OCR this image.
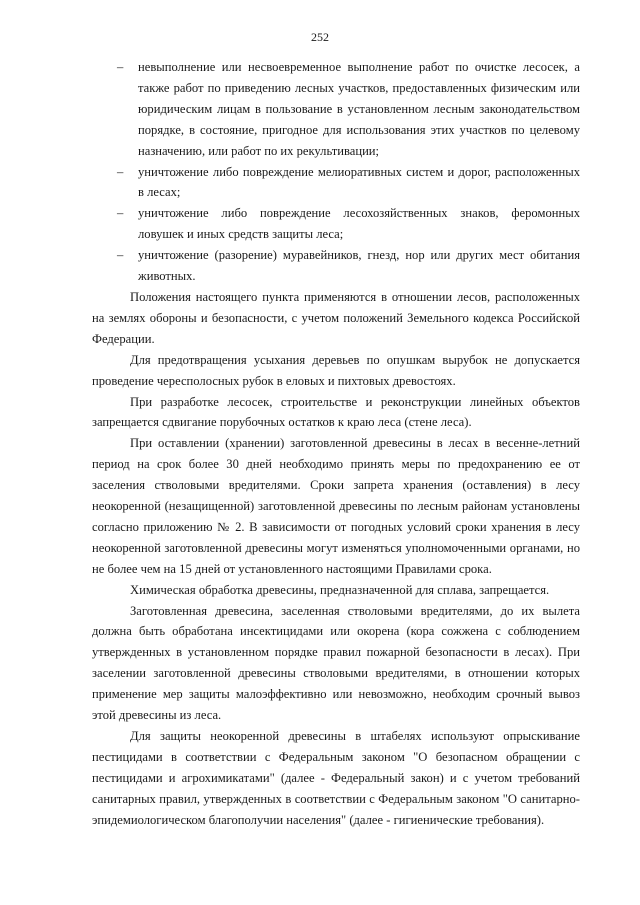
252

– невыполнение или несвоевременное выполнение работ по очистке лесосек, а также работ по приведению лесных участков, предоставленных физическим или юридическим лицам в пользование в установленном лесным законодательством порядке, в состояние, пригодное для использования этих участков по целевому назначению, или работ по их рекультивации;

– уничтожение либо повреждение мелиоративных систем и дорог, расположенных в лесах;

– уничтожение либо повреждение лесохозяйственных знаков, феромонных ловушек и иных средств защиты леса;

– уничтожение (разорение) муравейников, гнезд, нор или других мест обитания животных.

Положения настоящего пункта применяются в отношении лесов, расположенных на землях обороны и безопасности, с учетом положений Земельного кодекса Российской Федерации.

Для предотвращения усыхания деревьев по опушкам вырубок не допускается проведение чересполосных рубок в еловых и пихтовых древостоях.

При разработке лесосек, строительстве и реконструкции линейных объектов запрещается сдвигание порубочных остатков к краю леса (стене леса).

При оставлении (хранении) заготовленной древесины в лесах в весенне-летний период на срок более 30 дней необходимо принять меры по предохранению ее от заселения стволовыми вредителями. Сроки запрета хранения (оставления) в лесу неокоренной (незащищенной) заготовленной древесины по лесным районам установлены согласно приложению № 2. В зависимости от погодных условий сроки хранения в лесу неокоренной заготовленной древесины могут изменяться уполномоченными органами, но не более чем на 15 дней от установленного настоящими Правилами срока.

Химическая обработка древесины, предназначенной для сплава, запрещается.

Заготовленная древесина, заселенная стволовыми вредителями, до их вылета должна быть обработана инсектицидами или окорена (кора сожжена с соблюдением утвержденных в установленном порядке правил пожарной безопасности в лесах). При заселении заготовленной древесины стволовыми вредителями, в отношении которых применение мер защиты малоэффективно или невозможно, необходим срочный вывоз этой древесины из леса.

Для защиты неокоренной древесины в штабелях используют опрыскивание пестицидами в соответствии с Федеральным законом "О безопасном обращении с пестицидами и агрохимикатами" (далее - Федеральный закон) и с учетом требований санитарных правил, утвержденных в соответствии с Федеральным законом "О санитарно-эпидемиологическом благополучии населения" (далее - гигиенические требования).
